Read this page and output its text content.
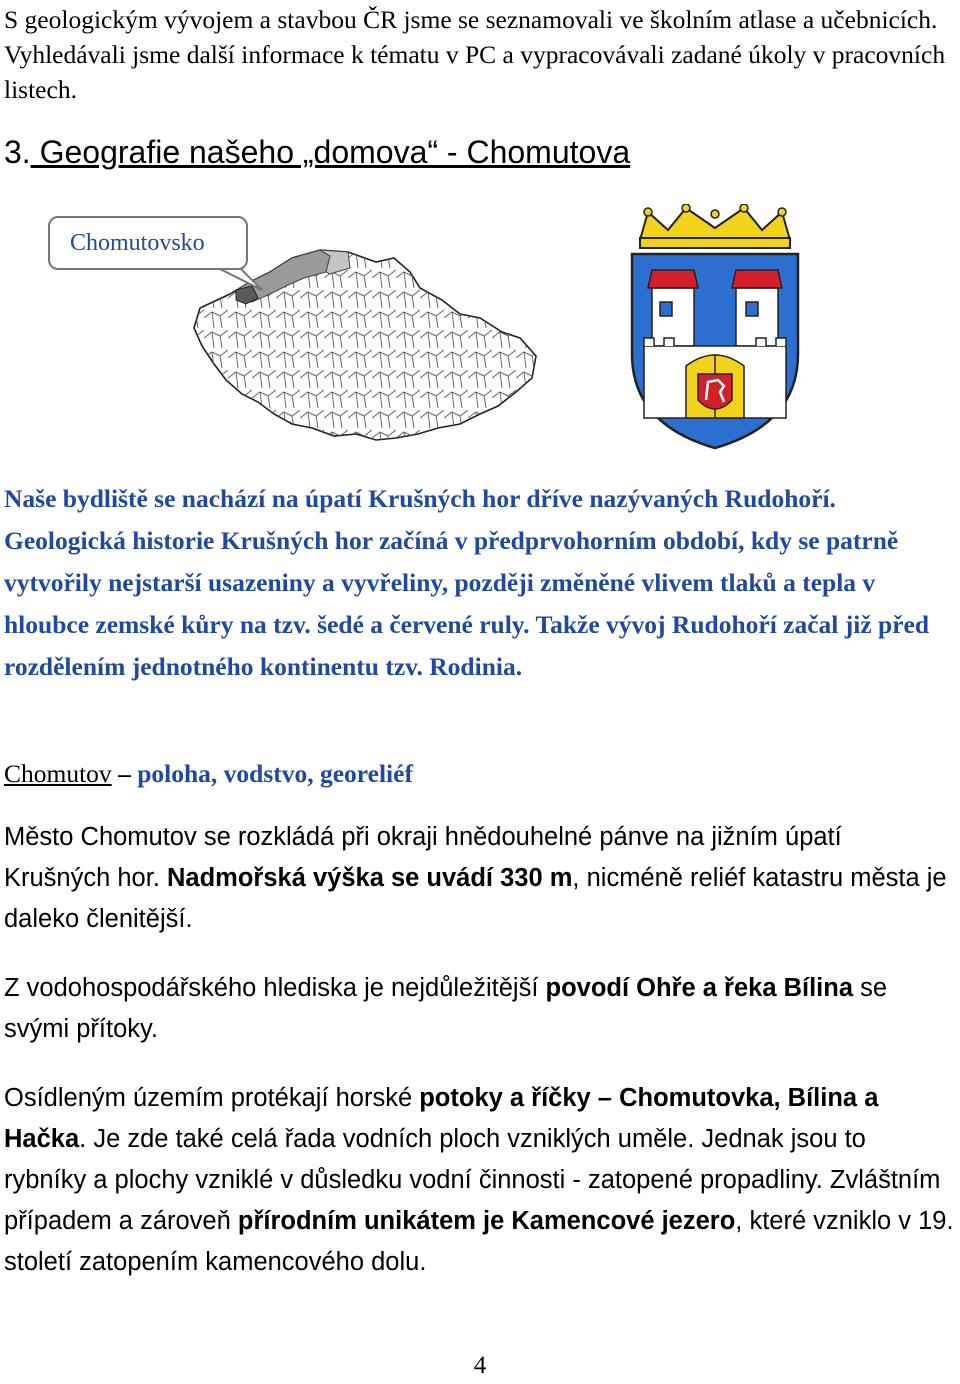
S geologickým vývojem a stavbou ČR jsme se seznamovali ve školním atlase a učebnicích. Vyhledávali jsme další informace k tématu v PC a vypracovávali zadané úkoly v pracovních listech.
3. Geografie našeho „domova“ - Chomutova
Chomutovsko
Naše bydliště se nachází na úpatí Krušných hor dříve nazývaných Rudohoří. Geologická historie Krušných hor začíná v předprvohorním období, kdy se patrně vytvořily nejstarší usazeniny a vyvřeliny, později změněné vlivem tlaků a tepla v hloubce zemské kůry na tzv. šedé a červené ruly. Takže vývoj Rudohoří začal již před rozdělením jednotného kontinentu tzv. Rodinia.
Chomutov – poloha, vodstvo, georeliéf
Město Chomutov se rozkládá při okraji hnědouhelné pánve na jižním úpatí Krušných hor. Nadmořská výška se uvádí 330 m, nicméně reliéf katastru města je daleko členitější.
Z vodohospodářského hlediska je nejdůležitější povodí Ohře a řeka Bílina se svými přítoky.
Osídleným územím protékají horské potoky a říčky – Chomutovka, Bílina a Hačka. Je zde také celá řada vodních ploch vzniklých uměle. Jednak jsou to rybníky a plochy vzniklé v důsledku vodní činnosti - zatopené propadliny. Zvláštním případem a zároveň přírodním unikátem je Kamencové jezero, které vzniklo v 19. století zatopením kamencového dolu.
4
